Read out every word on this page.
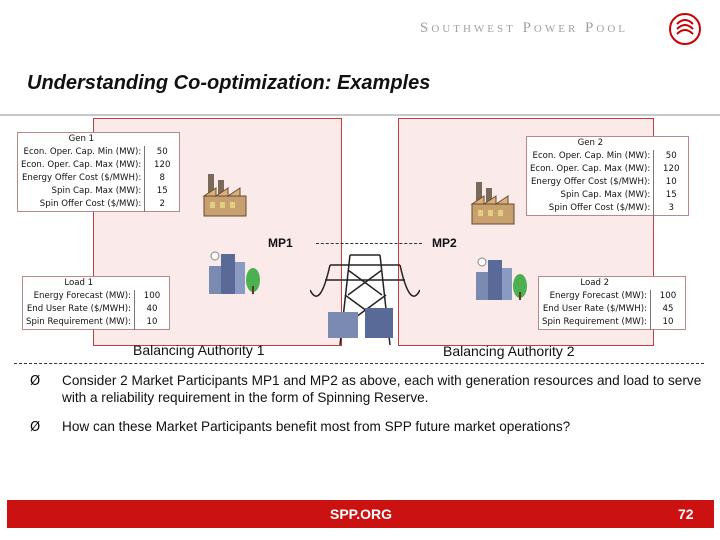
Southwest Power Pool
Understanding Co-optimization: Examples
Gen 1	
Econ. Oper. Cap. Min (MW):	50
Econ. Oper. Cap. Max (MW):	120
Energy Offer Cost ($/MWH):	8
Spin Cap. Max (MW):	15
Spin Offer Cost ($/MW):	2
Gen 2	
Econ. Oper. Cap. Min (MW):	50
Econ. Oper. Cap. Max (MW):	120
Energy Offer Cost ($/MWH):	10
Spin Cap. Max (MW):	15
Spin Offer Cost ($/MW):	3
Load 1	
Energy Forecast (MW):	100
End User Rate ($/MWH):	40
Spin Requirement (MW):	10
Load 2	
Energy Forecast (MW):	100
End User Rate ($/MWH):	45
Spin Requirement (MW):	10
MP1	MP2
Balancing Authority 1	Balancing Authority 2
Ø Consider 2 Market Participants MP1 and MP2 as above, each with generation resources and load to serve with a reliability requirement in the form of Spinning Reserve.
Ø How can these Market Participants benefit most from SPP future market operations?
SPP.ORG	72
